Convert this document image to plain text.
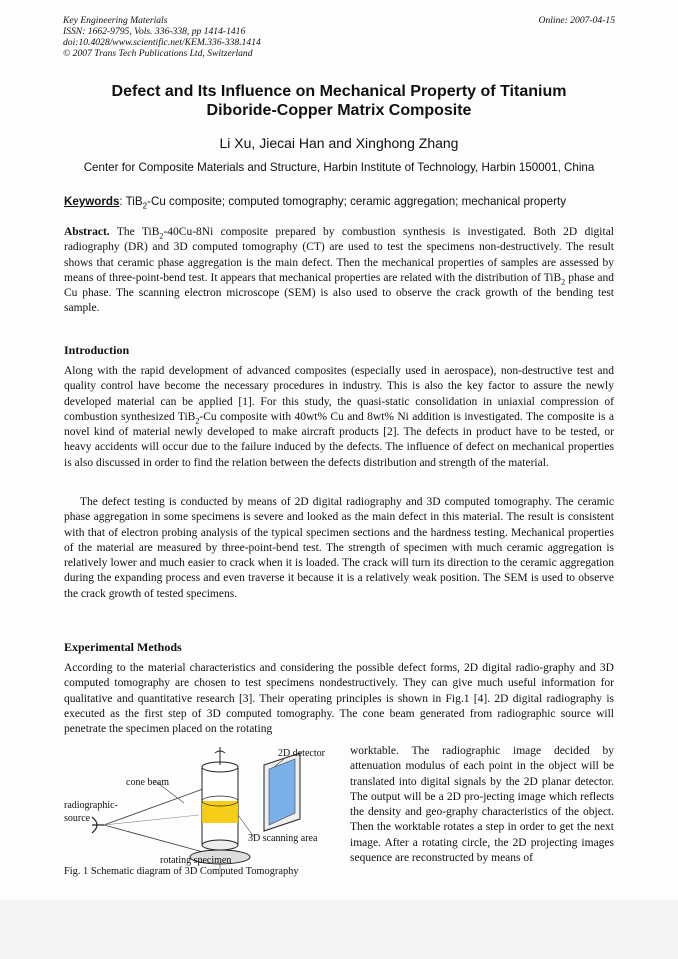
Key Engineering Materials
ISSN: 1662-9795, Vols. 336-338, pp 1414-1416
doi:10.4028/www.scientific.net/KEM.336-338.1414
© 2007 Trans Tech Publications Ltd, Switzerland
Online: 2007-04-15
Defect and Its Influence on Mechanical Property of Titanium
Diboride-Copper Matrix Composite
Li Xu, Jiecai Han and Xinghong Zhang
Center for Composite Materials and Structure, Harbin Institute of Technology, Harbin 150001, China
Keywords: TiB$_2$-Cu composite; computed tomography; ceramic aggregation; mechanical property

Abstract. The TiB$_2$-40Cu-8Ni composite prepared by combustion synthesis is investigated. Both 2D digital radiography (DR) and 3D computed tomography (CT) are used to test the specimens non-destructively. The result shows that ceramic phase aggregation is the main defect. Then the mechanical properties of samples are assessed by means of three-point-bend test. It appears that mechanical properties are related with the distribution of TiB$_2$ phase and Cu phase. The scanning electron microscope (SEM) is also used to observe the crack growth of the bending test sample.

Introduction

Along with the rapid development of advanced composites (especially used in aerospace), non-destructive test and quality control have become the necessary procedures in industry. This is also the key factor to assure the newly developed material can be applied [1]. For this study, the quasi-static consolidation in uniaxial compression of combustion synthesized TiB$_2$-Cu composite with 40wt% Cu and 8wt% Ni addition is investigated. The composite is a novel kind of material newly developed to make aircraft products [2]. The defects in product have to be tested, or heavy accidents will occur due to the failure induced by the defects. The influence of defect on mechanical properties is also discussed in order to find the relation between the defects distribution and strength of the material.

The defect testing is conducted by means of 2D digital radiography and 3D computed tomography. The ceramic phase aggregation in some specimens is severe and looked as the main defect in this material. The result is consistent with that of electron probing analysis of the typical specimen sections and the hardness testing. Mechanical properties of the material are measured by three-point-bend test. The strength of specimen with much ceramic aggregation is relatively lower and much easier to crack when it is loaded. The crack will turn its direction to the ceramic aggregation during the expanding process and even traverse it because it is a relatively weak position. The SEM is used to observe the crack growth of tested specimens.

Experimental Methods

According to the material characteristics and considering the possible defect forms, 2D digital radio-graphy and 3D computed tomography are chosen to test specimens nondestructively. They can give much useful information for qualitative and quantitative research [3]. Their operating principles is shown in Fig.1 [4]. 2D digital radiography is executed as the first step of 3D computed tomography. The cone beam generated from radiographic source will penetrate the specimen placed on the rotating

2D detector
cone beam
radiographic-
source
3D scanning area
rotating specimen
Fig. 1 Schematic diagram of 3D Computed Tomography

worktable. The radiographic image decided by attenuation modulus of each point in the object will be translated into digital signals by the 2D planar detector. The output will be a 2D pro-jecting image which reflects the density and geo-graphy characteristics of the object. Then the worktable rotates a step in order to get the next image. After a rotating circle, the 2D projecting images sequence are reconstructed by means of
